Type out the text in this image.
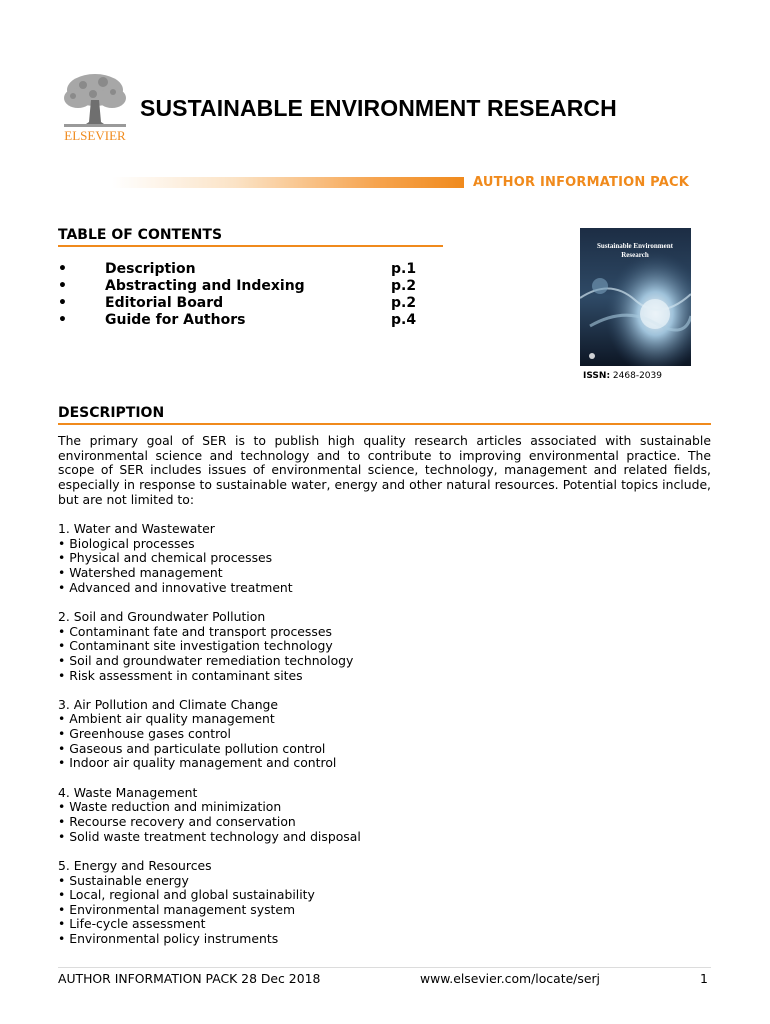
ELSEVIER
SUSTAINABLE ENVIRONMENT RESEARCH
AUTHOR INFORMATION PACK
TABLE OF CONTENTS
•	Description	p.1
•	Abstracting and Indexing	p.2
•	Editorial Board	p.2
•	Guide for Authors	p.4
Sustainable Environment
Research
ISSN: 2468-2039
DESCRIPTION
The primary goal of SER is to publish high quality research articles associated with sustainable environmental science and technology and to contribute to improving environmental practice. The scope of SER includes issues of environmental science, technology, management and related fields, especially in response to sustainable water, energy and other natural resources. Potential topics include, but are not limited to:
1. Water and Wastewater
• Biological processes
• Physical and chemical processes
• Watershed management
• Advanced and innovative treatment
2. Soil and Groundwater Pollution
• Contaminant fate and transport processes
• Contaminant site investigation technology
• Soil and groundwater remediation technology
• Risk assessment in contaminant sites
3. Air Pollution and Climate Change
• Ambient air quality management
• Greenhouse gases control
• Gaseous and particulate pollution control
• Indoor air quality management and control
4. Waste Management
• Waste reduction and minimization
• Recourse recovery and conservation
• Solid waste treatment technology and disposal
5. Energy and Resources
• Sustainable energy
• Local, regional and global sustainability
• Environmental management system
• Life-cycle assessment
• Environmental policy instruments
AUTHOR INFORMATION PACK 28 Dec 2018	www.elsevier.com/locate/serj	1
